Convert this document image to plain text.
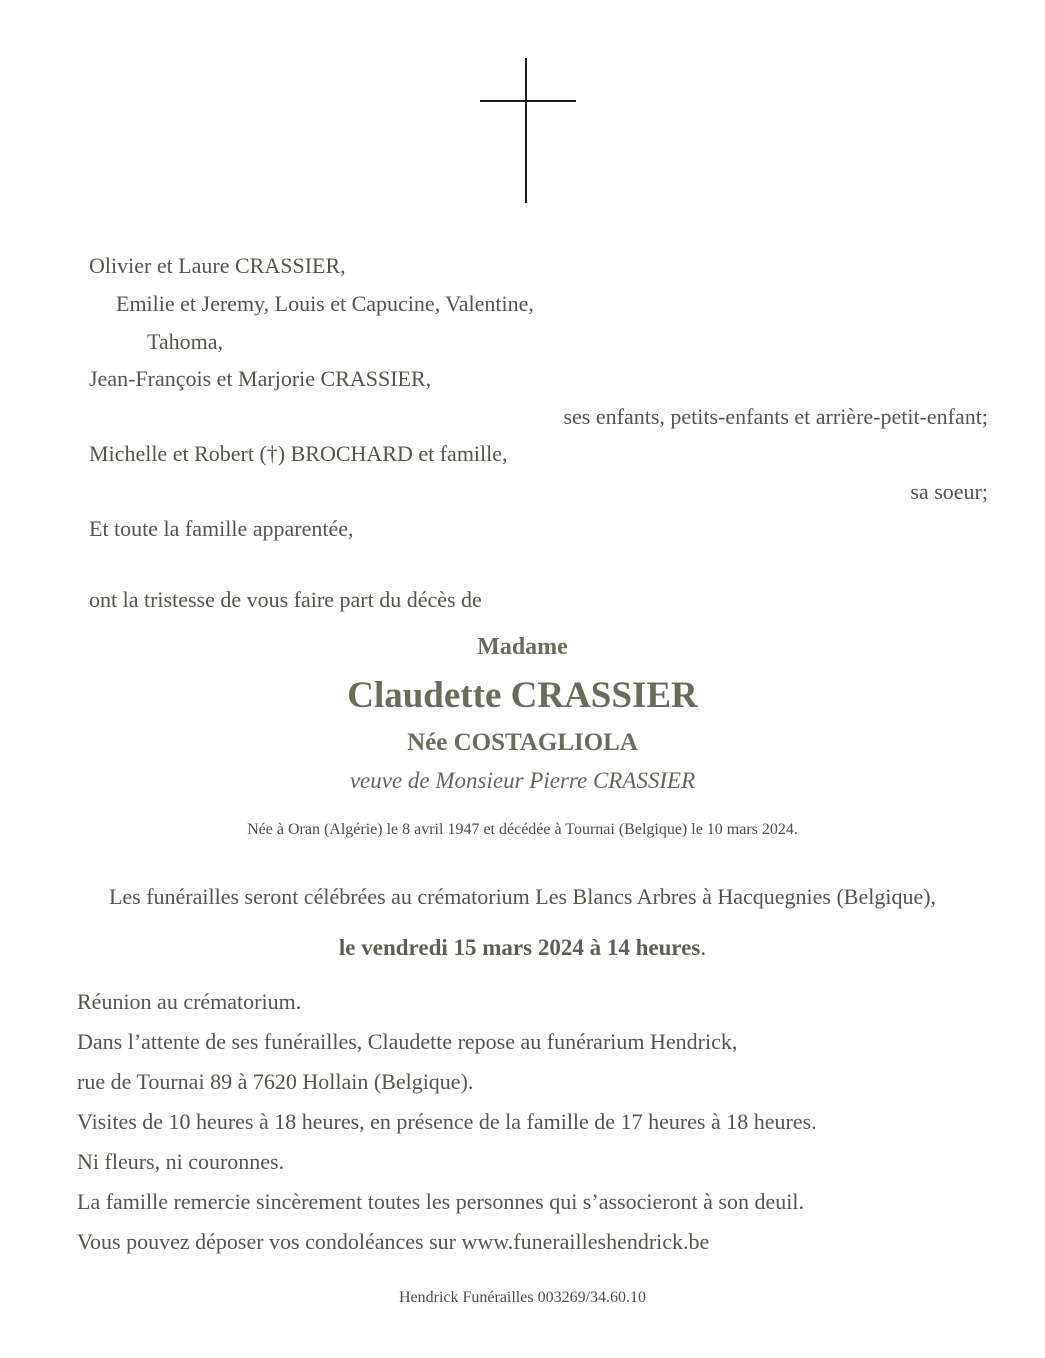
Olivier et Laure CRASSIER,
Emilie et Jeremy, Louis et Capucine, Valentine,
Tahoma,
Jean-François et Marjorie CRASSIER,
ses enfants, petits-enfants et arrière-petit-enfant;
Michelle et Robert (†) BROCHARD et famille,
sa soeur;
Et toute la famille apparentée,
ont la tristesse de vous faire part du décès de
Madame
Claudette CRASSIER
Née COSTAGLIOLA
veuve de Monsieur Pierre CRASSIER
Née à Oran (Algérie) le 8 avril 1947 et décédée à Tournai (Belgique) le 10 mars 2024.
Les funérailles seront célébrées au crématorium Les Blancs Arbres à Hacquegnies (Belgique),
le vendredi 15 mars 2024 à 14 heures.
Réunion au crématorium.
Dans l’attente de ses funérailles, Claudette repose au funérarium Hendrick,
rue de Tournai 89 à 7620 Hollain (Belgique).
Visites de 10 heures à 18 heures, en présence de la famille de 17 heures à 18 heures.
Ni fleurs, ni couronnes.
La famille remercie sincèrement toutes les personnes qui s’associeront à son deuil.
Vous pouvez déposer vos condoléances sur www.funerailleshendrick.be
Hendrick Funérailles 003269/34.60.10
